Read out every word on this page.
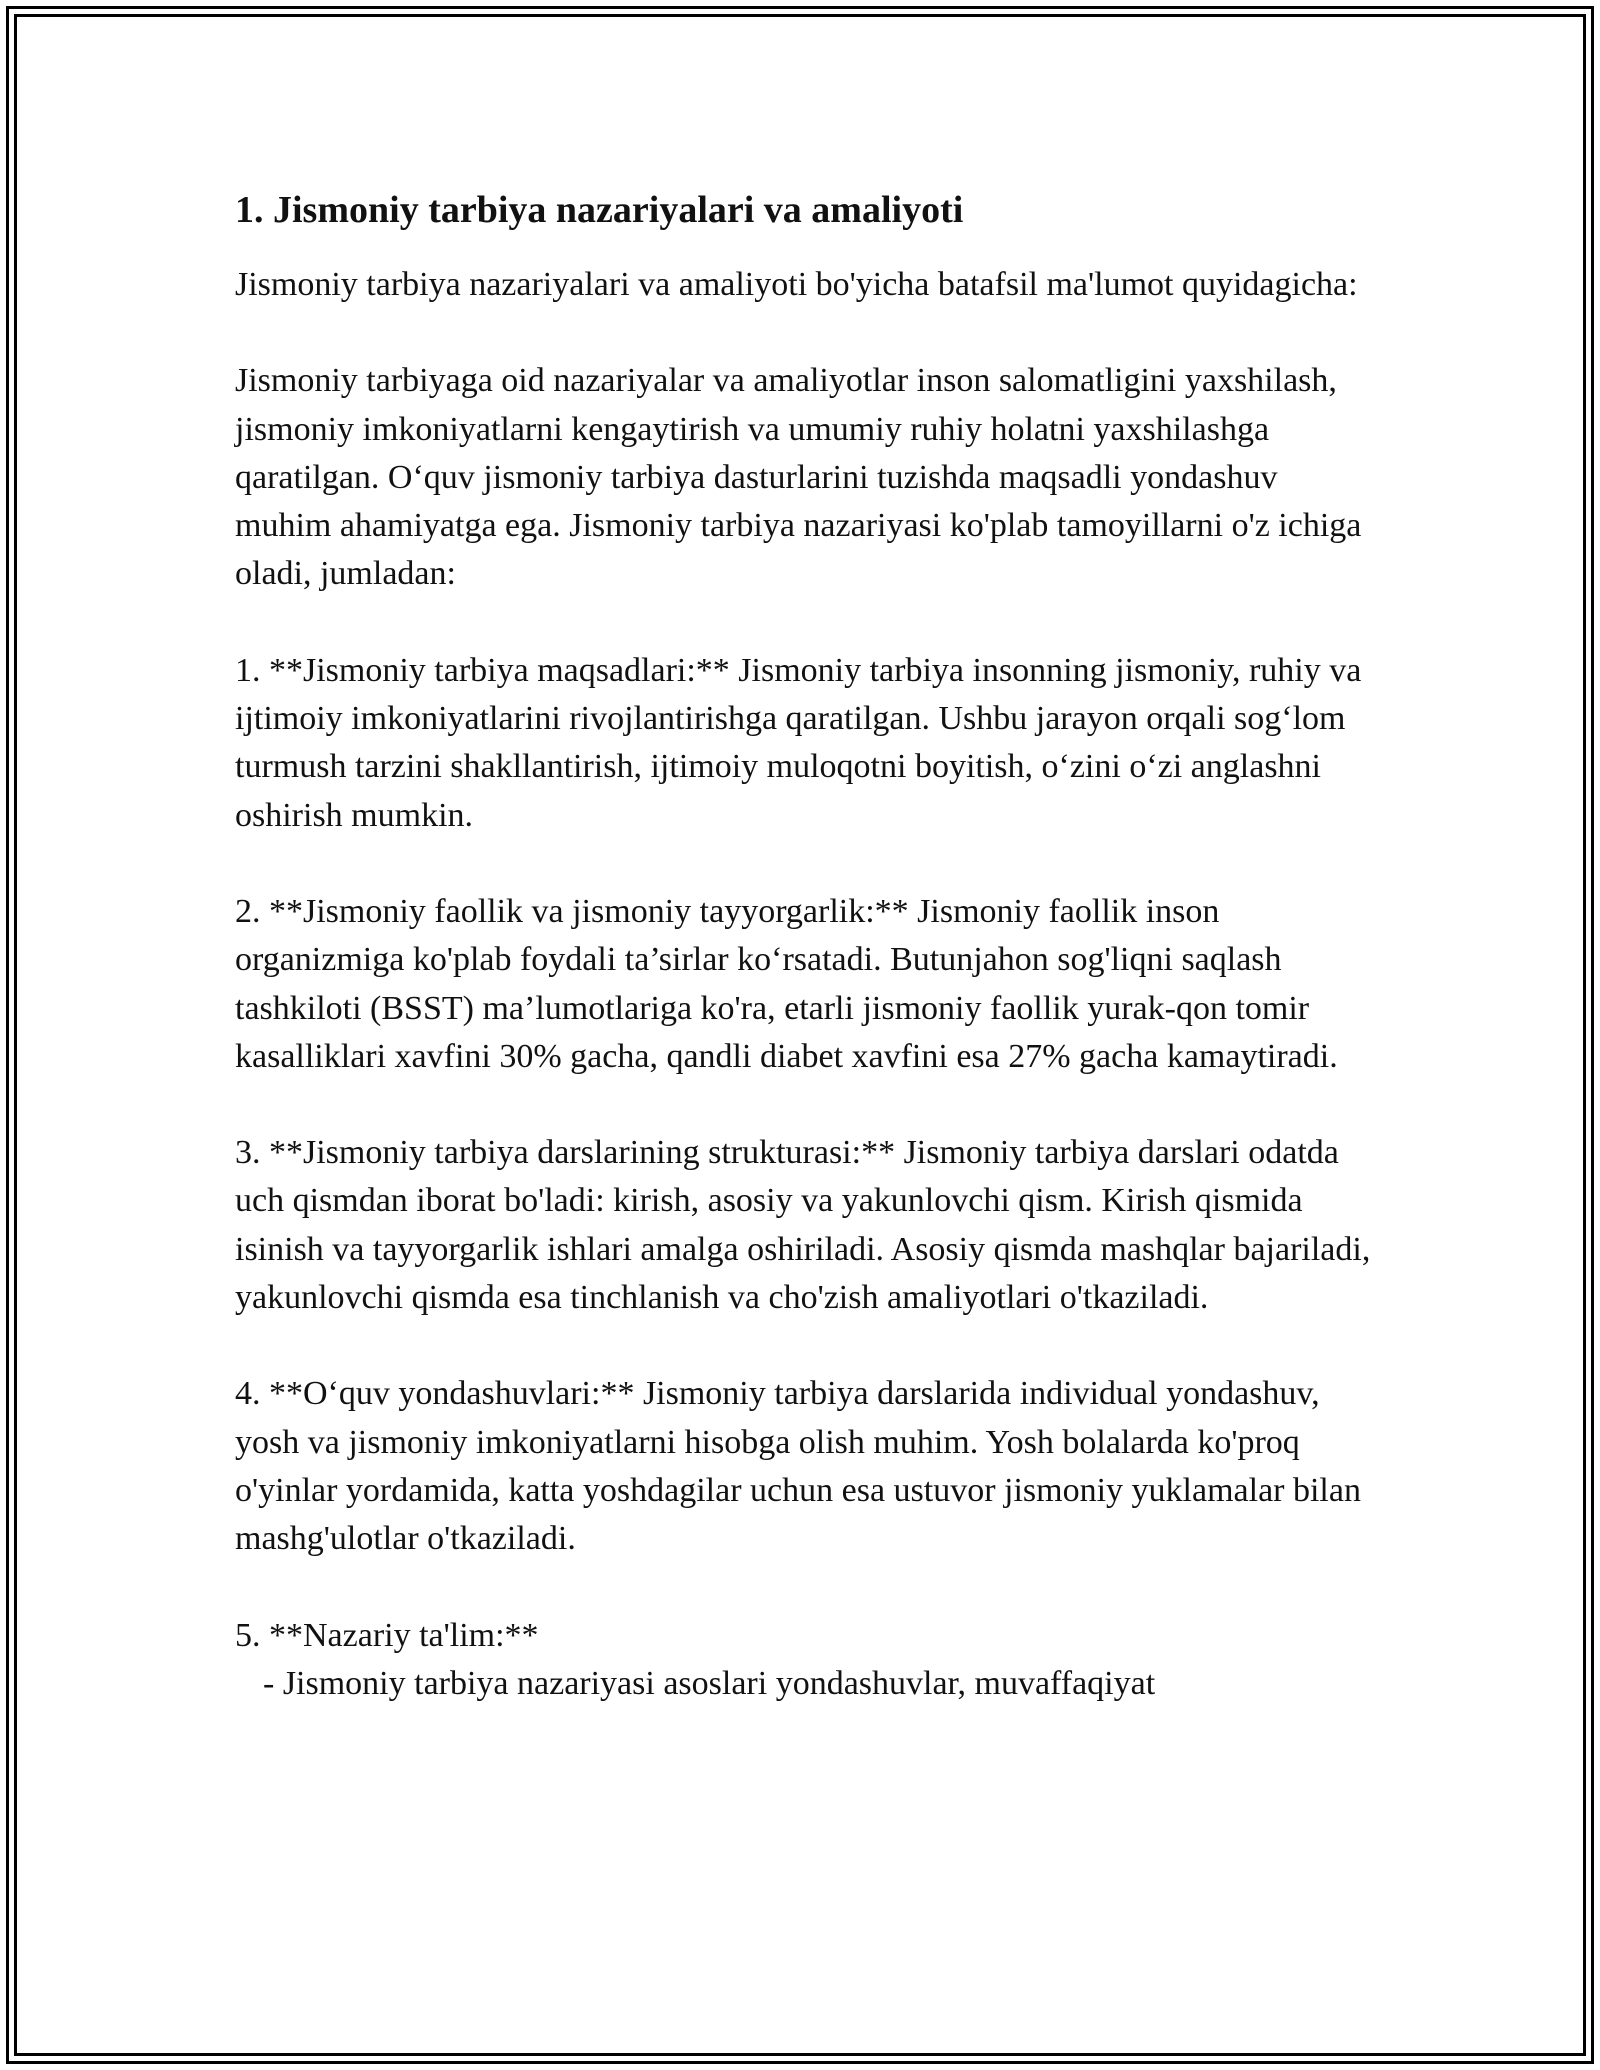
1. Jismoniy tarbiya nazariyalari va amaliyoti

Jismoniy tarbiya nazariyalari va amaliyoti bo'yicha batafsil ma'lumot quyidagicha:

Jismoniy tarbiyaga oid nazariyalar va amaliyotlar inson salomatligini yaxshilash, jismoniy imkoniyatlarni kengaytirish va umumiy ruhiy holatni yaxshilashga qaratilgan. O‘quv jismoniy tarbiya dasturlarini tuzishda maqsadli yondashuv muhim ahamiyatga ega. Jismoniy tarbiya nazariyasi ko'plab tamoyillarni o'z ichiga oladi, jumladan:

1. **Jismoniy tarbiya maqsadlari:** Jismoniy tarbiya insonning jismoniy, ruhiy va ijtimoiy imkoniyatlarini rivojlantirishga qaratilgan. Ushbu jarayon orqali sog‘lom turmush tarzini shakllantirish, ijtimoiy muloqotni boyitish, o‘zini o‘zi anglashni oshirish mumkin.

2. **Jismoniy faollik va jismoniy tayyorgarlik:** Jismoniy faollik inson organizmiga ko'plab foydali ta’sirlar ko‘rsatadi. Butunjahon sog'liqni saqlash tashkiloti (BSST) ma’lumotlariga ko'ra, etarli jismoniy faollik yurak-qon tomir kasalliklari xavfini 30% gacha, qandli diabet xavfini esa 27% gacha kamaytiradi.

3. **Jismoniy tarbiya darslarining strukturasi:** Jismoniy tarbiya darslari odatda uch qismdan iborat bo'ladi: kirish, asosiy va yakunlovchi qism. Kirish qismida isinish va tayyorgarlik ishlari amalga oshiriladi. Asosiy qismda mashqlar bajariladi, yakunlovchi qismda esa tinchlanish va cho'zish amaliyotlari o'tkaziladi.

4. **O‘quv yondashuvlari:** Jismoniy tarbiya darslarida individual yondashuv, yosh va jismoniy imkoniyatlarni hisobga olish muhim. Yosh bolalarda ko'proq o'yinlar yordamida, katta yoshdagilar uchun esa ustuvor jismoniy yuklamalar bilan mashg'ulotlar o'tkaziladi.

5. **Nazariy ta'lim:**
- Jismoniy tarbiya nazariyasi asoslari yondashuvlar, muvaffaqiyat
